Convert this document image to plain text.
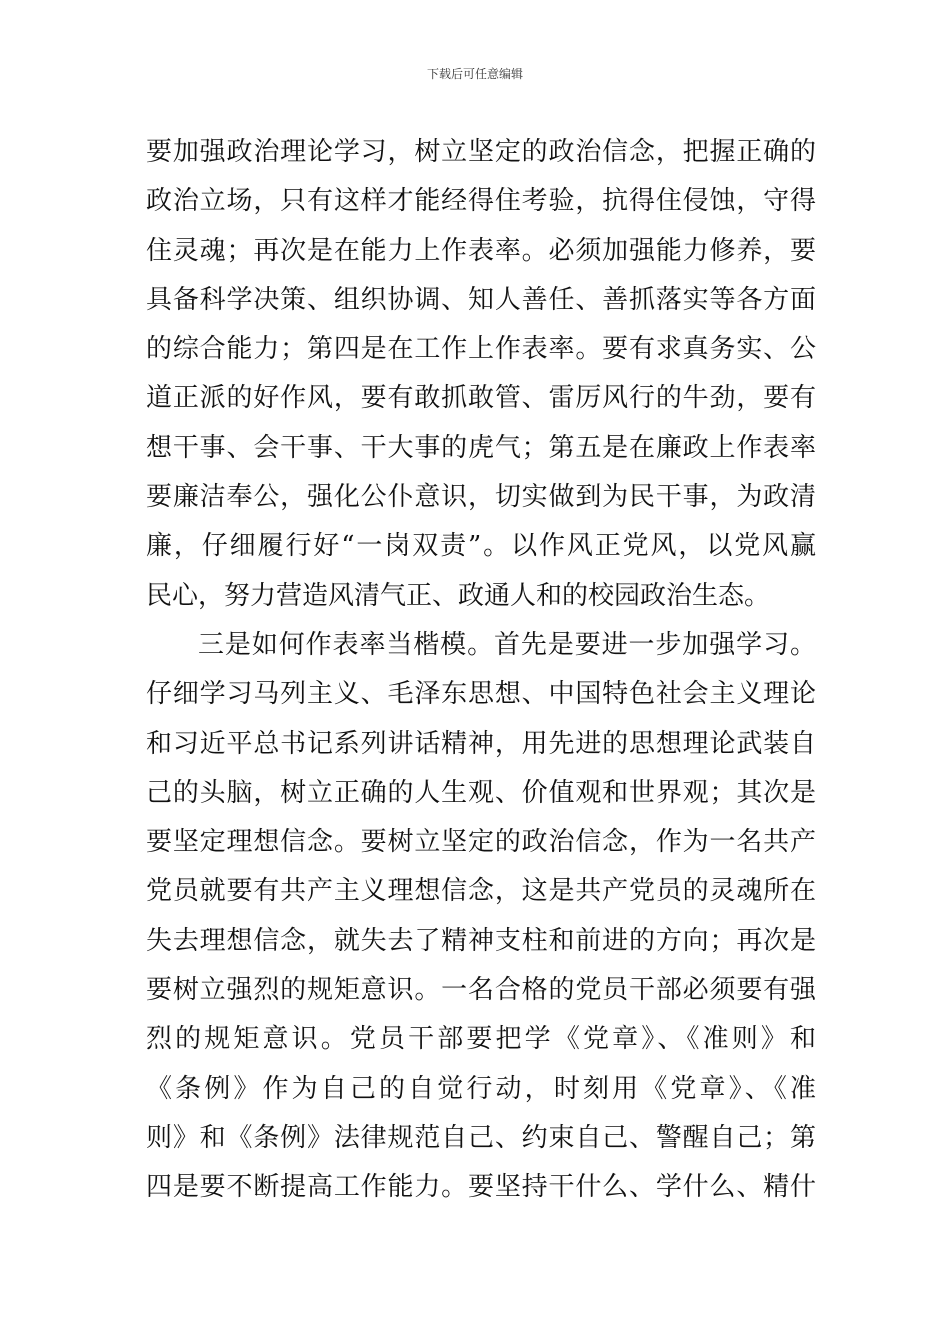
下载后可任意编辑
要加强政治理论学习，树立坚定的政治信念，把握正确的
政治立场，只有这样才能经得住考验，抗得住侵蚀，守得
住灵魂；再次是在能力上作表率。必须加强能力修养，要
具备科学决策、组织协调、知人善任、善抓落实等各方面
的综合能力；第四是在工作上作表率。要有求真务实、公
道正派的好作风，要有敢抓敢管、雷厉风行的牛劲，要有
想干事、会干事、干大事的虎气；第五是在廉政上作表率
要廉洁奉公，强化公仆意识，切实做到为民干事，为政清
廉，仔细履行好“一岗双责”。以作风正党风，以党风赢
民心，努力营造风清气正、政通人和的校园政治生态。
三是如何作表率当楷模。首先是要进一步加强学习。
仔细学习马列主义、毛泽东思想、中国特色社会主义理论
和习近平总书记系列讲话精神，用先进的思想理论武装自
己的头脑，树立正确的人生观、价值观和世界观；其次是
要坚定理想信念。要树立坚定的政治信念，作为一名共产
党员就要有共产主义理想信念，这是共产党员的灵魂所在
失去理想信念，就失去了精神支柱和前进的方向；再次是
要树立强烈的规矩意识。一名合格的党员干部必须要有强
烈的规矩意识。党员干部要把学《党章》、《准则》和
《条例》作为自己的自觉行动，时刻用《党章》、《准
则》和《条例》法律规范自己、约束自己、警醒自己；第
四是要不断提高工作能力。要坚持干什么、学什么、精什
